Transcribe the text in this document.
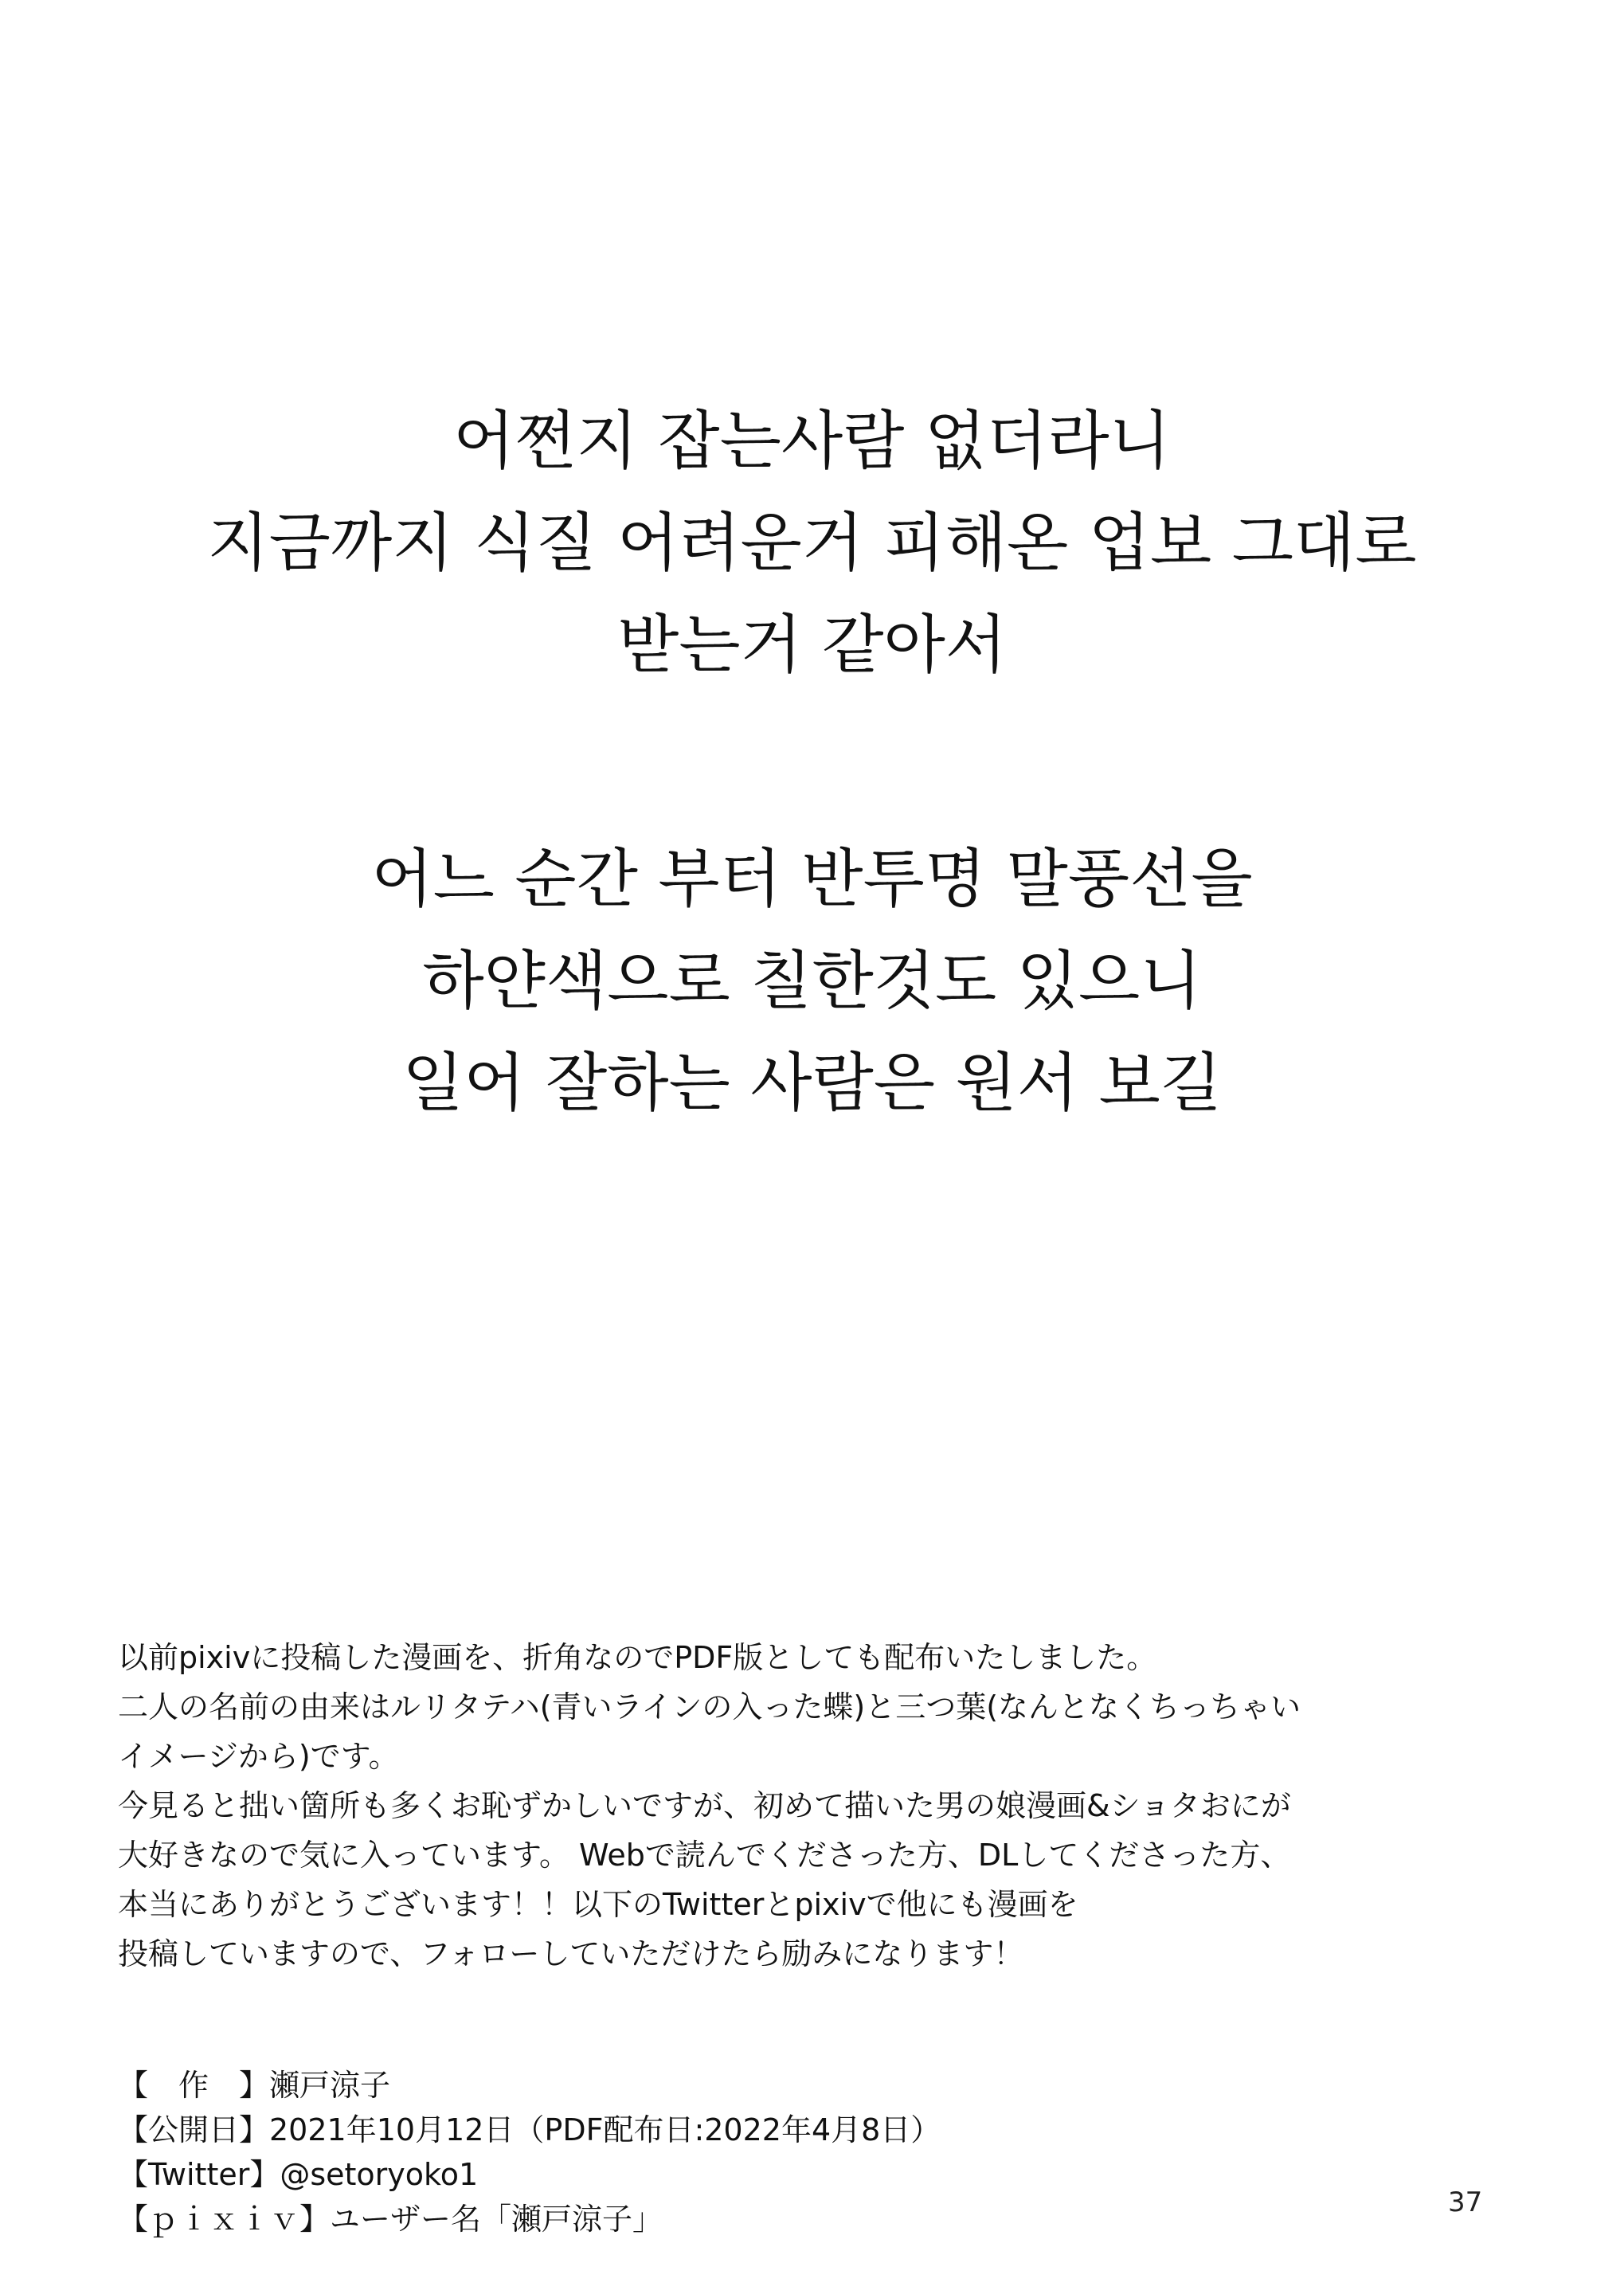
어쩐지 잡는사람 없더라니
지금까지 식질 어려운거 피해온 업보 그대로
받는거 같아서
어느 순간 부터 반투명 말풍선을
하얀색으로 칠한것도 있으니
일어 잘하는 사람은 원서 보길
以前pixivに投稿した漫画を、折角なのでPDF版としても配布いたしました。
二人の名前の由来はルリタテハ(青いラインの入った蝶)と三つ葉(なんとなくちっちゃい
イメージから)です。
今見ると拙い箇所も多くお恥ずかしいですが、初めて描いた男の娘漫画&ショタおにが
大好きなので気に入っています。 Webで読んでくださった方、DLしてくださった方、
本当にありがとうございます！！以下のTwitterとpixivで他にも漫画を
投稿していますので、フォローしていただけたら励みになります！
【　作　】瀬戸涼子
【公開日】2021年10月12日（PDF配布日:2022年4月8日）
【Twitter】@setoryoko1
【ｐｉｘｉｖ】ユーザー名「瀬戸涼子」	37
